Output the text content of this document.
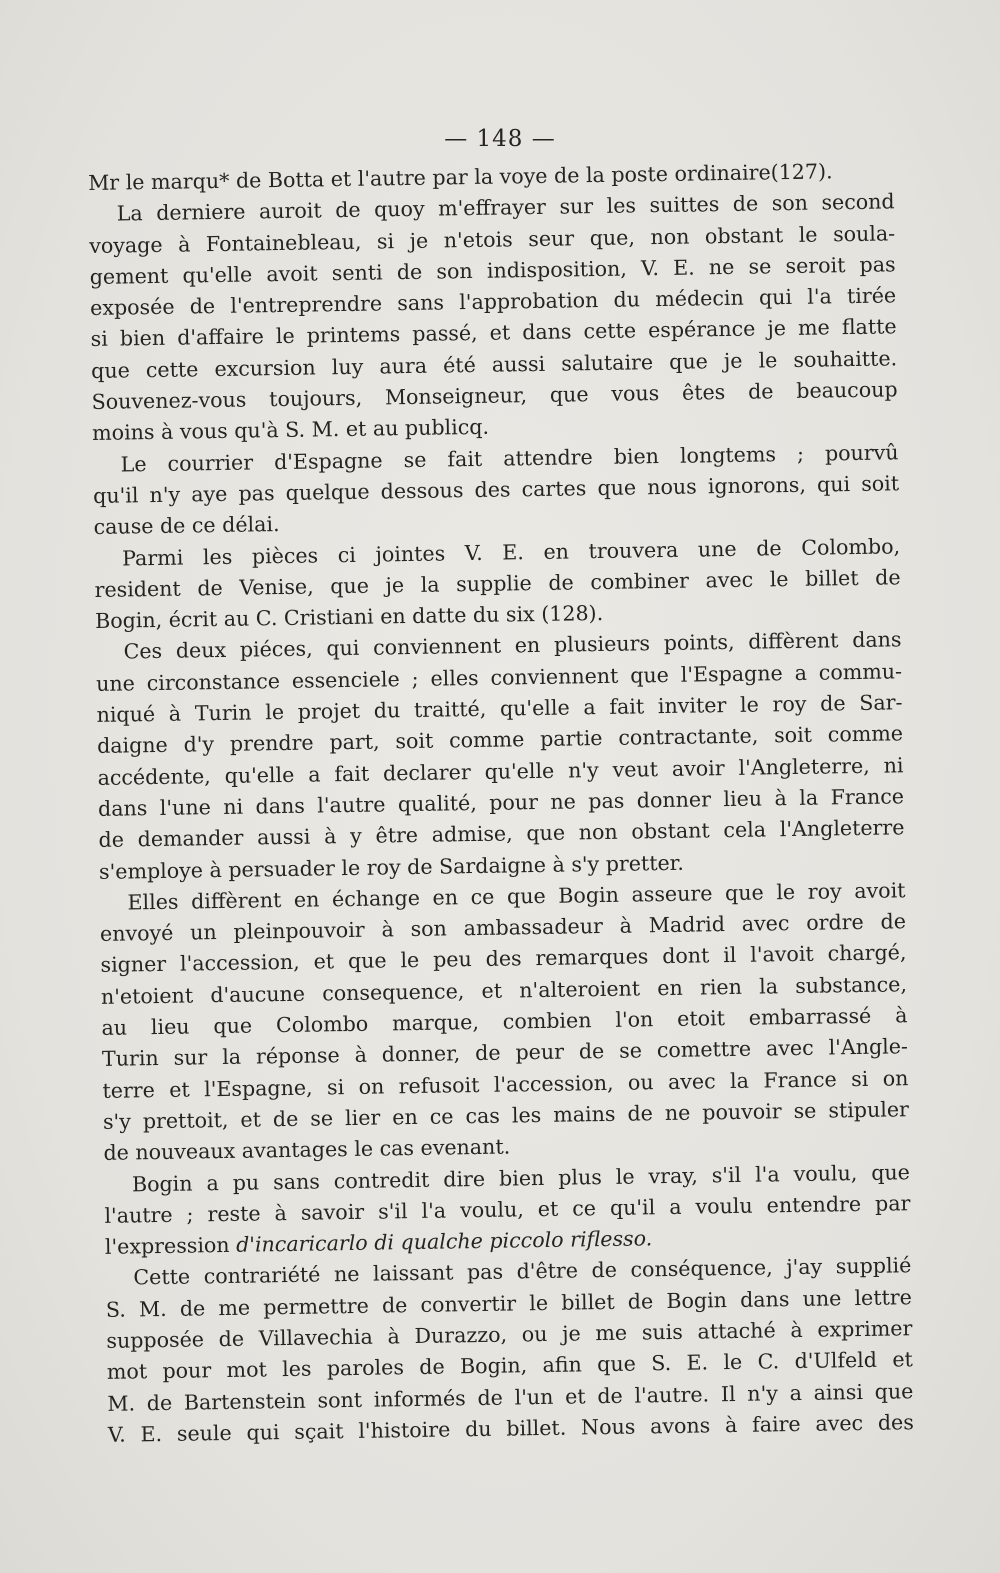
— 148 —
Mr le marqu* de Botta et l'autre par la voye de la poste ordinaire(127).
La derniere auroit de quoy m'effrayer sur les suittes de son second
voyage à Fontainebleau, si je n'etois seur que, non obstant le soula-
gement qu'elle avoit senti de son indisposition, V. E. ne se seroit pas
exposée de l'entreprendre sans l'approbation du médecin qui l'a tirée
si bien d'affaire le printems passé, et dans cette espérance je me flatte
que cette excursion luy aura été aussi salutaire que je le souhaitte.
Souvenez-vous toujours, Monseigneur, que vous êtes de beaucoup
moins à vous qu'à S. M. et au publicq.
Le courrier d'Espagne se fait attendre bien longtems ; pourvû
qu'il n'y aye pas quelque dessous des cartes que nous ignorons, qui soit
cause de ce délai.
Parmi les pièces ci jointes V. E. en trouvera une de Colombo,
resident de Venise, que je la supplie de combiner avec le billet de
Bogin, écrit au C. Cristiani en datte du six (128).
Ces deux piéces, qui conviennent en plusieurs points, diffèrent dans
une circonstance essenciele ; elles conviennent que l'Espagne a commu-
niqué à Turin le projet du traitté, qu'elle a fait inviter le roy de Sar-
daigne d'y prendre part, soit comme partie contractante, soit comme
accédente, qu'elle a fait declarer qu'elle n'y veut avoir l'Angleterre, ni
dans l'une ni dans l'autre qualité, pour ne pas donner lieu à la France
de demander aussi à y être admise, que non obstant cela l'Angleterre
s'employe à persuader le roy de Sardaigne à s'y pretter.
Elles diffèrent en échange en ce que Bogin asseure que le roy avoit
envoyé un pleinpouvoir à son ambassadeur à Madrid avec ordre de
signer l'accession, et que le peu des remarques dont il l'avoit chargé,
n'etoient d'aucune consequence, et n'alteroient en rien la substance,
au lieu que Colombo marque, combien l'on etoit embarrassé à
Turin sur la réponse à donner, de peur de se comettre avec l'Angle-
terre et l'Espagne, si on refusoit l'accession, ou avec la France si on
s'y prettoit, et de se lier en ce cas les mains de ne pouvoir se stipuler
de nouveaux avantages le cas evenant.
Bogin a pu sans contredit dire bien plus le vray, s'il l'a voulu, que
l'autre ; reste à savoir s'il l'a voulu, et ce qu'il a voulu entendre par
l'expression d'incaricarlo di qualche piccolo riflesso.
Cette contrariété ne laissant pas d'être de conséquence, j'ay supplié
S. M. de me permettre de convertir le billet de Bogin dans une lettre
supposée de Villavechia à Durazzo, ou je me suis attaché à exprimer
mot pour mot les paroles de Bogin, afin que S. E. le C. d'Ulfeld et
M. de Bartenstein sont informés de l'un et de l'autre. Il n'y a ainsi que
V. E. seule qui sçait l'histoire du billet. Nous avons à faire avec des
